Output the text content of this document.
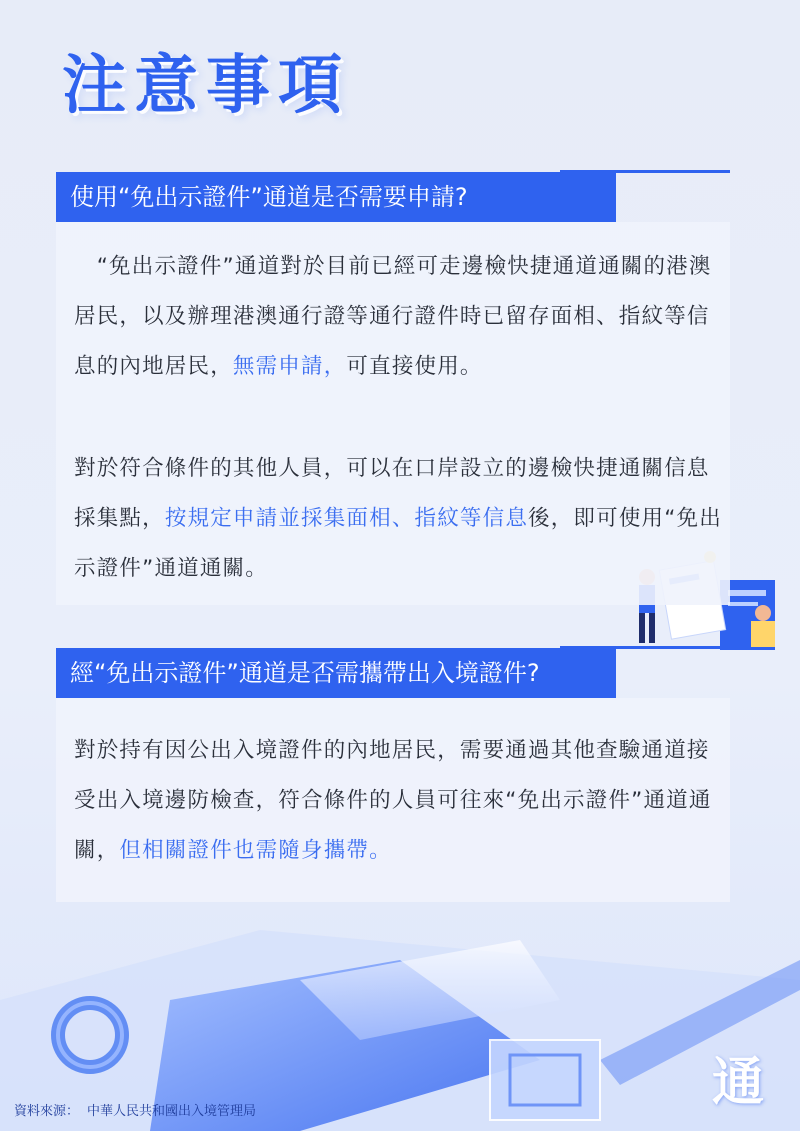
注意事項
使用“免出示證件”通道是否需要申請?

　“免出示證件”通道對於目前已經可走邊檢快捷通道通關的港澳居民，以及辦理港澳通行證等通行證件時已留存面相、指紋等信息的內地居民，無需申請，可直接使用。

對於符合條件的其他人員，可以在口岸設立的邊檢快捷通關信息採集點，按規定申請並採集面相、指紋等信息後，即可使用“免出示證件”通道通關。

經“免出示證件”通道是否需攜帶出入境證件?

對於持有因公出入境證件的內地居民，需要通過其他查驗通道接受出入境邊防檢查，符合條件的人員可往來“免出示證件”通道通關，但相關證件也需隨身攜帶。

資料來源： 中華人民共和國出入境管理局	通
